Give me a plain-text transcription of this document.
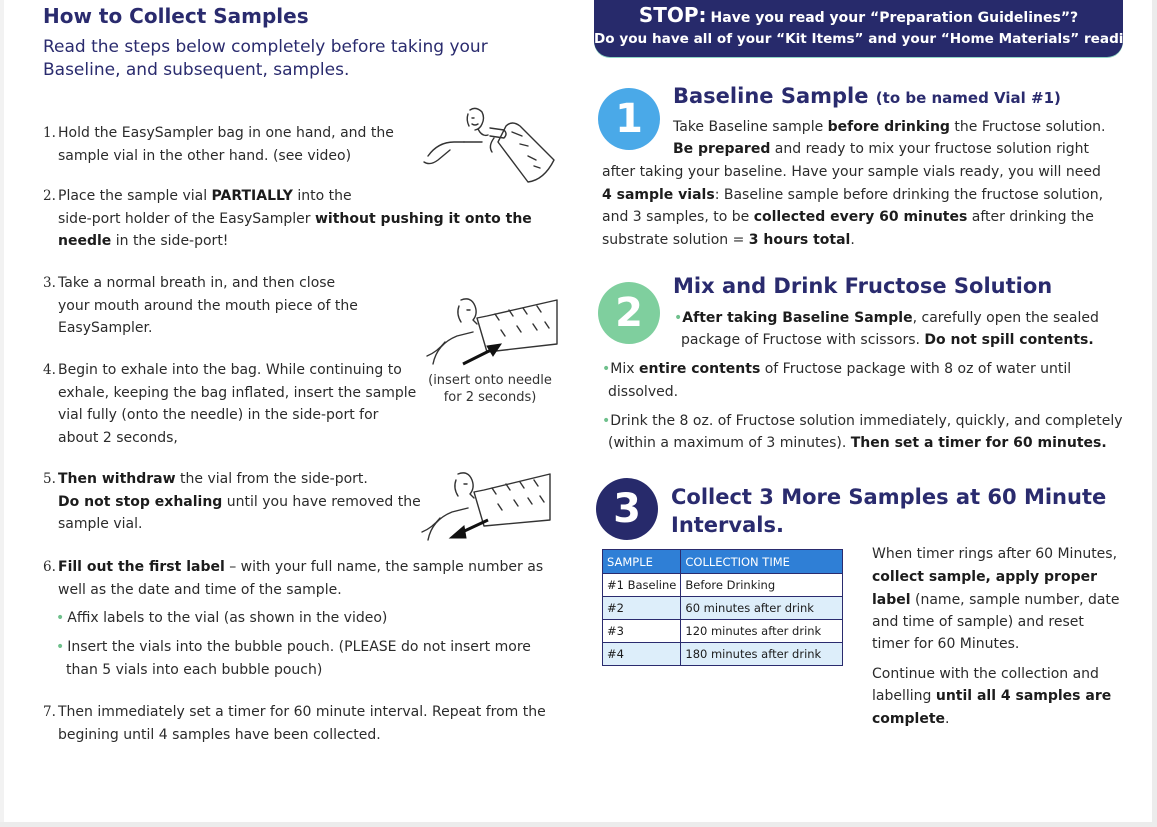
How to Collect Samples
Read the steps below completely before taking your
Baseline, and subsequent, samples.
1. Hold the EasySampler bag in one hand, and the
sample vial in the other hand. (see video)
2. Place the sample vial PARTIALLY into the
side-port holder of the EasySampler without pushing it onto the
needle in the side-port!
3. Take a normal breath in, and then close
your mouth around the mouth piece of the
EasySampler.
4. Begin to exhale into the bag. While continuing to
exhale, keeping the bag inflated, insert the sample
vial fully (onto the needle) in the side-port for
about 2 seconds,
5. Then withdraw the vial from the side-port.
Do not stop exhaling until you have removed the
sample vial.
6. Fill out the first label – with your full name, the sample number as
well as the date and time of the sample.
7. Then immediately set a timer for 60 minute interval. Repeat from the
begining until 4 samples have been collected.
• Affix labels to the vial (as shown in the video)
• Insert the vials into the bubble pouch. (PLEASE do not insert more
than 5 vials into each bubble pouch)
(insert onto needle
for 2 seconds)
STOP: Have you read your “Preparation Guidelines”?
Do you have all of your “Kit Items” and your “Home Materials” readied?
1	Baseline Sample (to be named Vial #1)
Take Baseline sample before drinking the Fructose solution.
Be prepared and ready to mix your fructose solution right
after taking your baseline. Have your sample vials ready, you will need
4 sample vials: Baseline sample before drinking the fructose solution,
and 3 samples, to be collected every 60 minutes after drinking the
substrate solution = 3 hours total.
2
Mix and Drink Fructose Solution
•After taking Baseline Sample, carefully open the sealed
package of Fructose with scissors. Do not spill contents.
•Mix entire contents of Fructose package with 8 oz of water until
dissolved.
•Drink the 8 oz. of Fructose solution immediately, quickly, and completely
(within a maximum of 3 minutes). Then set a timer for 60 minutes.
3	Collect 3 More Samples at 60 Minute
Intervals.
SAMPLE	COLLECTION TIME
#1 Baseline	Before Drinking
#2	60 minutes after drink
#3	120 minutes after drink
#4	180 minutes after drink
When timer rings after 60 Minutes,
collect sample, apply proper
label (name, sample number, date
and time of sample) and reset
timer for 60 Minutes.
Continue with the collection and
labelling until all 4 samples are
complete.
